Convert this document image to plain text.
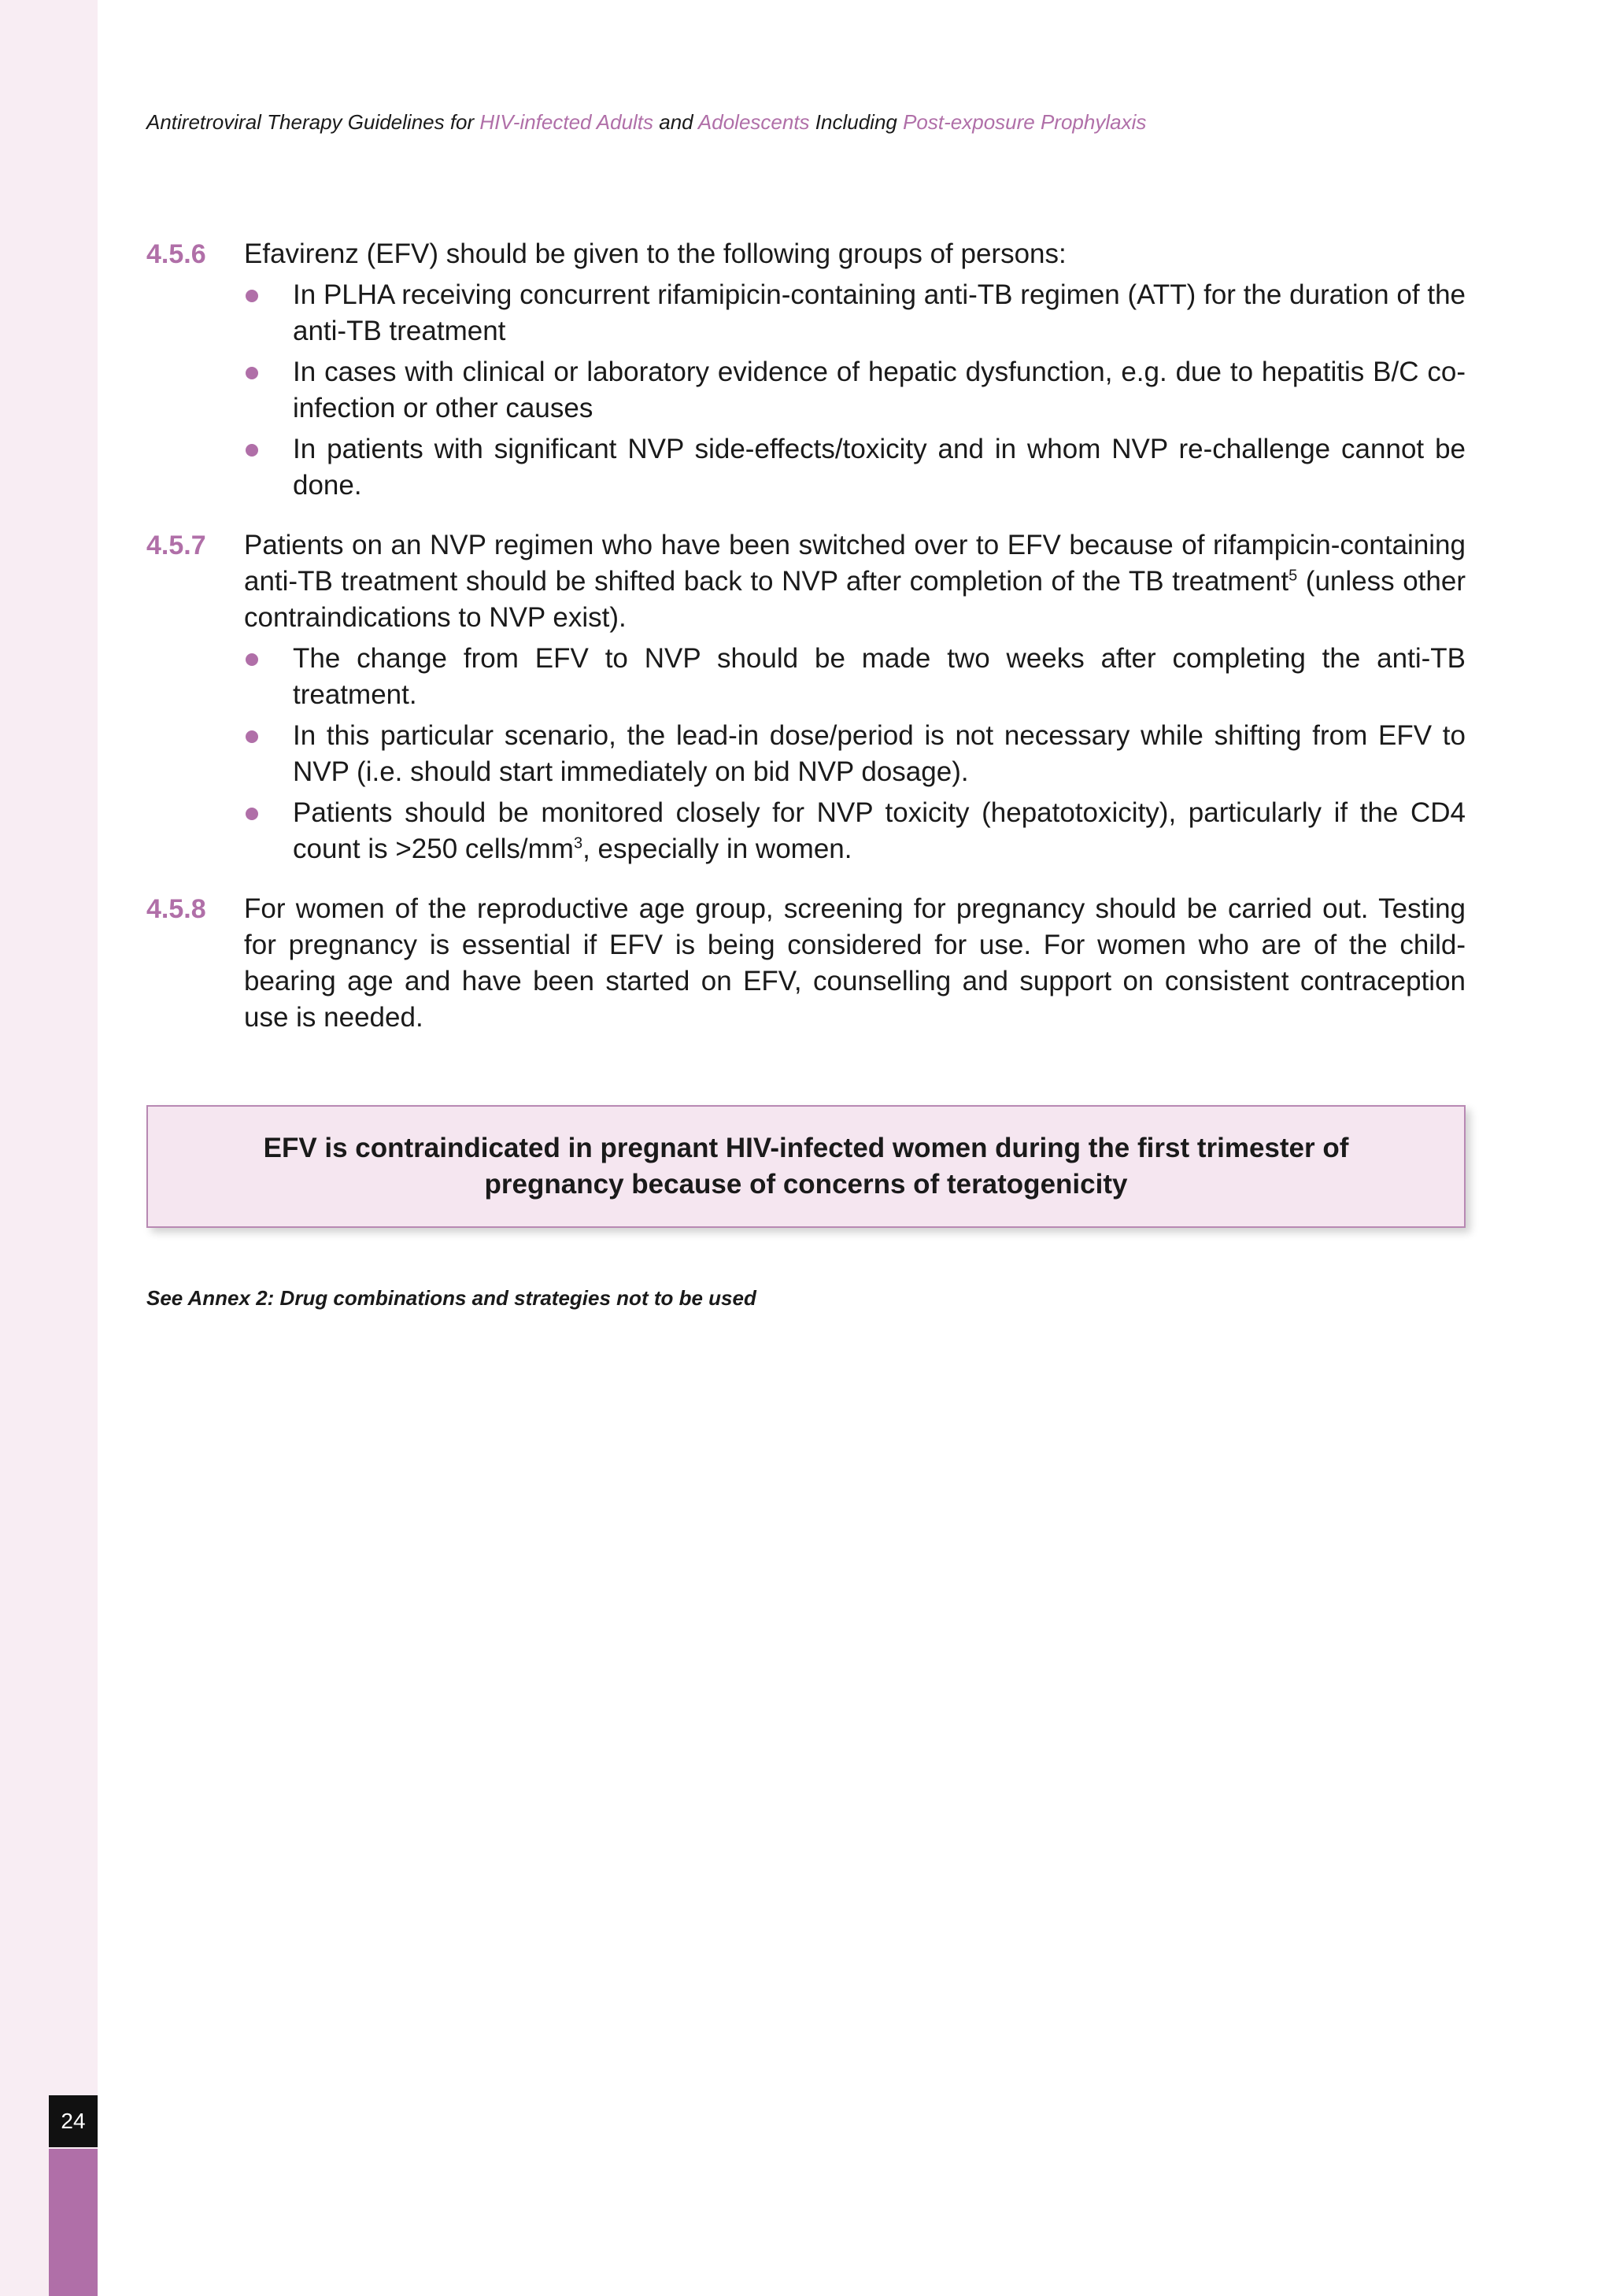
24
Antiretroviral Therapy Guidelines for HIV-infected Adults and Adolescents Including Post-exposure Prophylaxis
4.5.6 Efavirenz (EFV) should be given to the following groups of persons:

In PLHA receiving concurrent rifamipicin-containing anti-TB regimen (ATT) for the duration of the anti-TB treatment
In cases with clinical or laboratory evidence of hepatic dysfunction, e.g. due to hepatitis B/C co-infection or other causes
In patients with significant NVP side-effects/toxicity and in whom NVP re-challenge cannot be done.
4.5.7 Patients on an NVP regimen who have been switched over to EFV because of rifampicin-containing anti-TB treatment should be shifted back to NVP after completion of the TB treatment$^5$ (unless other contraindications to NVP exist).

The change from EFV to NVP should be made two weeks after completing the anti-TB treatment.
In this particular scenario, the lead-in dose/period is not necessary while shifting from EFV to NVP (i.e. should start immediately on bid NVP dosage).
Patients should be monitored closely for NVP toxicity (hepatotoxicity), particularly if the CD4 count is >250 cells/$mm^3$, especially in women.
4.5.8 For women of the reproductive age group, screening for pregnancy should be carried out. Testing for pregnancy is essential if EFV is being considered for use. For women who are of the child-bearing age and have been started on EFV, counselling and support on consistent contraception use is needed.

EFV is contraindicated in pregnant HIV-infected women during the first trimester of pregnancy because of concerns of teratogenicity
See Annex 2: Drug combinations and strategies not to be used
